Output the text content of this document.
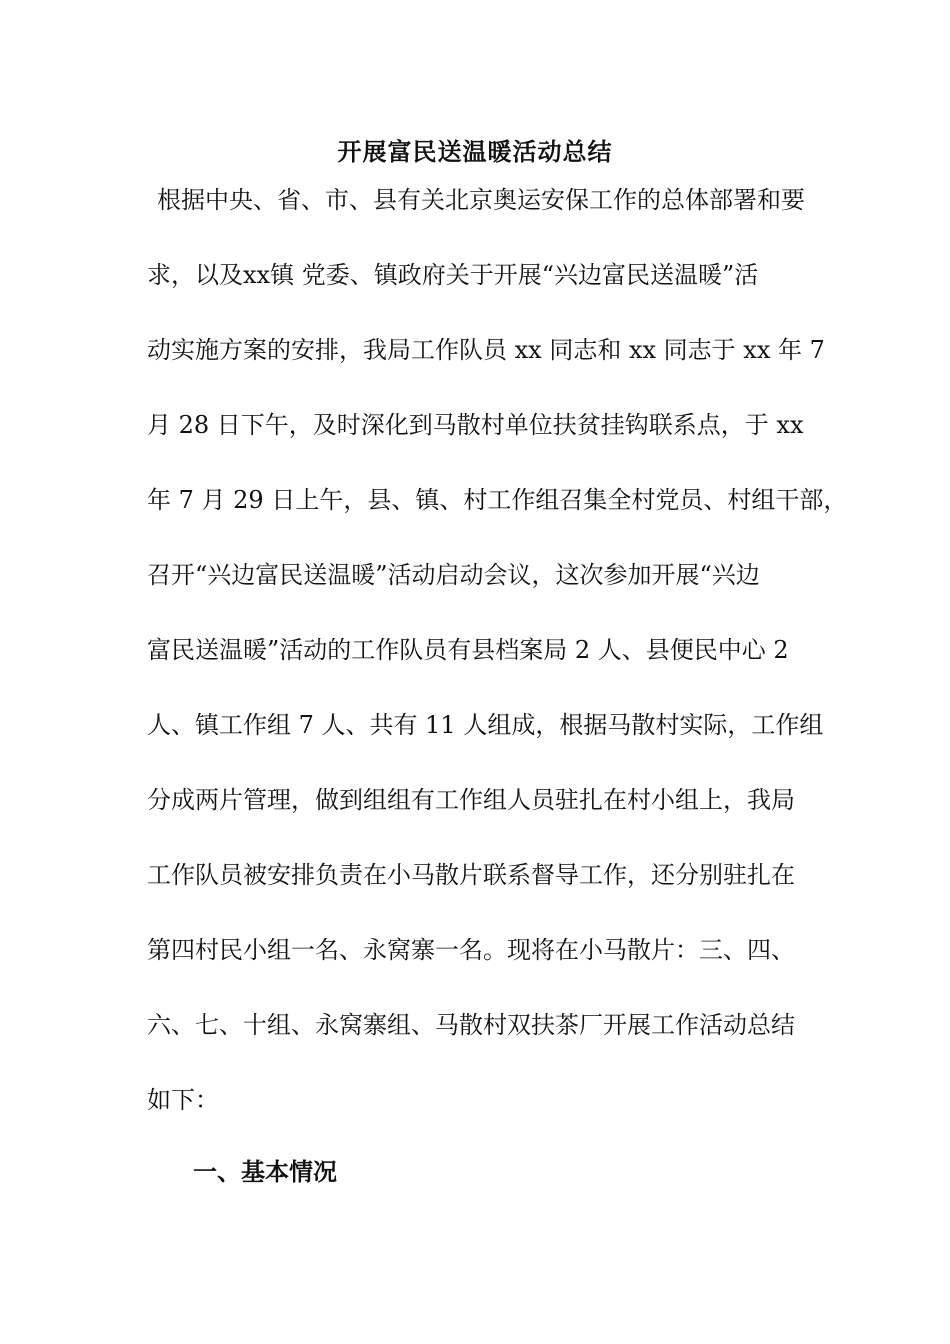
开展富民送温暖活动总结

根据中央、省、市、县有关北京奥运安保工作的总体部署和要

求，以及xx镇 党委、镇政府关于开展“兴边富民送温暖”活

动实施方案的安排，我局工作队员 xx 同志和 xx 同志于 xx 年 7

月 28 日下午，及时深化到马散村单位扶贫挂钩联系点，于 xx

年 7 月 29 日上午，县、镇、村工作组召集全村党员、村组干部，

召开“兴边富民送温暖”活动启动会议，这次参加开展“兴边

富民送温暖”活动的工作队员有县档案局 2 人、县便民中心 2

人、镇工作组 7 人、共有 11 人组成，根据马散村实际，工作组

分成两片管理，做到组组有工作组人员驻扎在村小组上，我局

工作队员被安排负责在小马散片联系督导工作，还分别驻扎在

第四村民小组一名、永窝寨一名。现将在小马散片：三、四、

六、七、十组、永窝寨组、马散村双扶茶厂开展工作活动总结

如下：

一、基本情况
